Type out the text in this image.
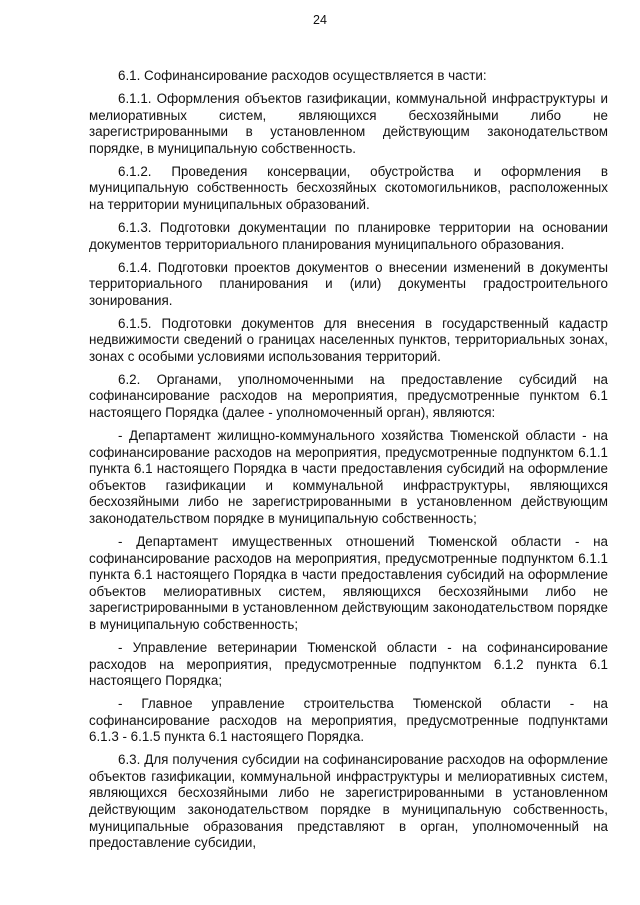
24

6.1. Софинансирование расходов осуществляется в части:

6.1.1. Оформления объектов газификации, коммунальной инфраструктуры и мелиоративных систем, являющихся бесхозяйными либо не зарегистрированными в установленном действующим законодательством порядке, в муниципальную собственность.

6.1.2. Проведения консервации, обустройства и оформления в муниципальную собственность бесхозяйных скотомогильников, расположенных на территории муниципальных образований.

6.1.3. Подготовки документации по планировке территории на основании документов территориального планирования муниципального образования.

6.1.4. Подготовки проектов документов о внесении изменений в документы территориального планирования и (или) документы градостроительного зонирования.

6.1.5. Подготовки документов для внесения в государственный кадастр недвижимости сведений о границах населенных пунктов, территориальных зонах, зонах с особыми условиями использования территорий.

6.2. Органами, уполномоченными на предоставление субсидий на софинансирование расходов на мероприятия, предусмотренные пунктом 6.1 настоящего Порядка (далее - уполномоченный орган), являются:

- Департамент жилищно-коммунального хозяйства Тюменской области - на софинансирование расходов на мероприятия, предусмотренные подпунктом 6.1.1 пункта 6.1 настоящего Порядка в части предоставления субсидий на оформление объектов газификации и коммунальной инфраструктуры, являющихся бесхозяйными либо не зарегистрированными в установленном действующим законодательством порядке в муниципальную собственность;

- Департамент имущественных отношений Тюменской области - на софинансирование расходов на мероприятия, предусмотренные подпунктом 6.1.1 пункта 6.1 настоящего Порядка в части предоставления субсидий на оформление объектов мелиоративных систем, являющихся бесхозяйными либо не зарегистрированными в установленном действующим законодательством порядке в муниципальную собственность;

- Управление ветеринарии Тюменской области - на софинансирование расходов на мероприятия, предусмотренные подпунктом 6.1.2 пункта 6.1 настоящего Порядка;

- Главное управление строительства Тюменской области - на софинансирование расходов на мероприятия, предусмотренные подпунктами 6.1.3 - 6.1.5 пункта 6.1 настоящего Порядка.

6.3. Для получения субсидии на софинансирование расходов на оформление объектов газификации, коммунальной инфраструктуры и мелиоративных систем, являющихся бесхозяйными либо не зарегистрированными в установленном действующим законодательством порядке в муниципальную собственность, муниципальные образования представляют в орган, уполномоченный на предоставление субсидии,
